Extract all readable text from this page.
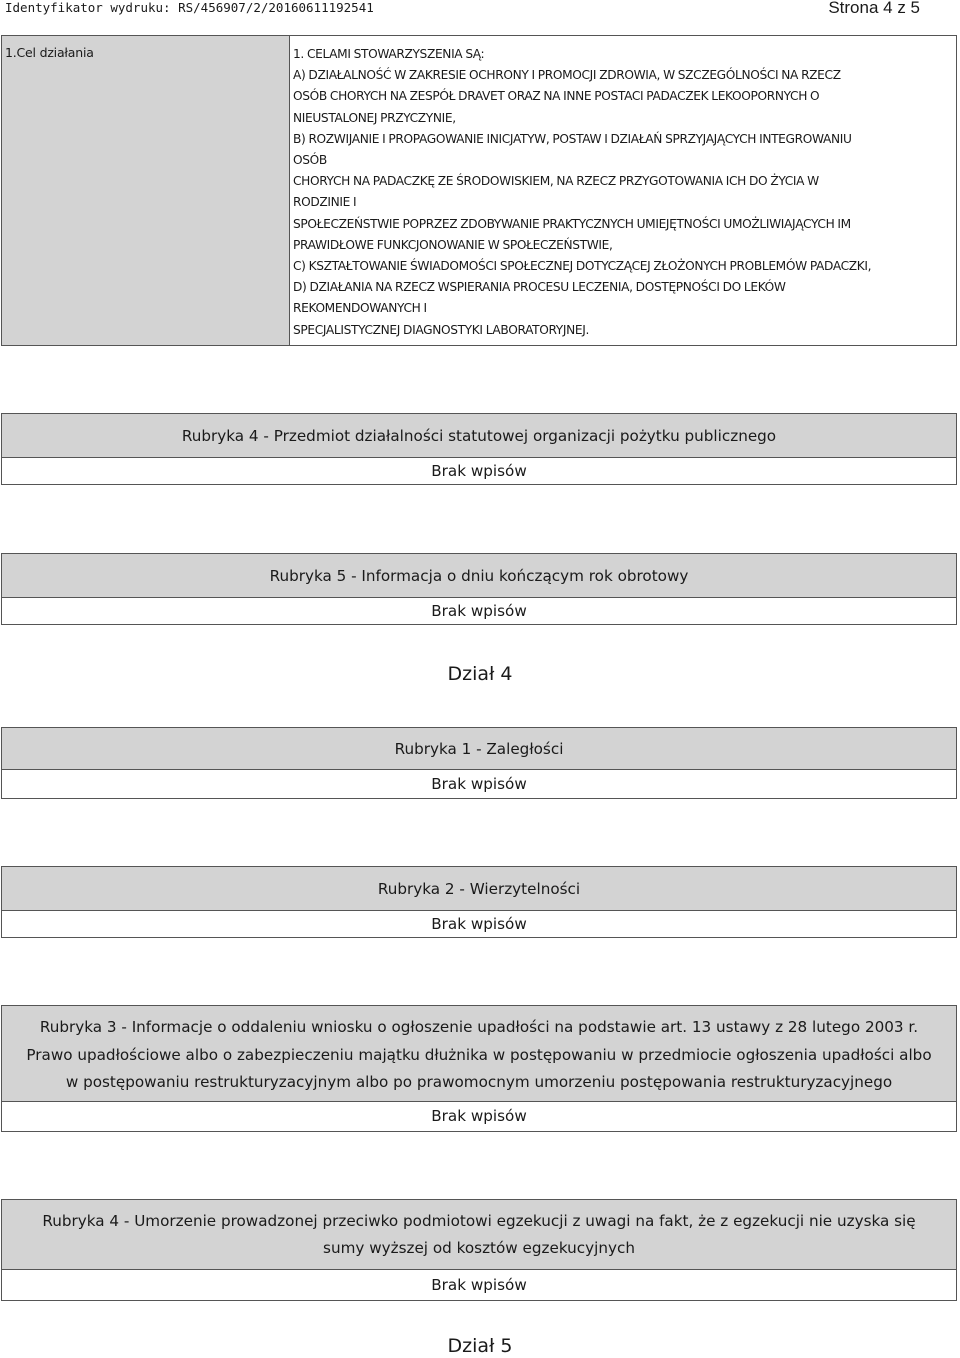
Identyfikator wydruku: RS/456907/2/20160611192541	Strona 4 z 5
1.Cel działania	1. CELAMI STOWARZYSZENIA SĄ:
A) DZIAŁALNOŚĆ W ZAKRESIE OCHRONY I PROMOCJI ZDROWIA, W SZCZEGÓLNOŚCI NA RZECZ
OSÓB CHORYCH NA ZESPÓŁ DRAVET ORAZ NA INNE POSTACI PADACZEK LEKOOPORNYCH O
NIEUSTALONEJ PRZYCZYNIE,
B) ROZWIJANIE I PROPAGOWANIE INICJATYW, POSTAW I DZIAŁAŃ SPRZYJAJĄCYCH INTEGROWANIU
OSÓB
CHORYCH NA PADACZKĘ ZE ŚRODOWISKIEM, NA RZECZ PRZYGOTOWANIA ICH DO ŻYCIA W
RODZINIE I
SPOŁECZEŃSTWIE POPRZEZ ZDOBYWANIE PRAKTYCZNYCH UMIEJĘTNOŚCI UMOŻLIWIAJĄCYCH IM
PRAWIDŁOWE FUNKCJONOWANIE W SPOŁECZEŃSTWIE,
C) KSZTAŁTOWANIE ŚWIADOMOŚCI SPOŁECZNEJ DOTYCZĄCEJ ZŁOŻONYCH PROBLEMÓW PADACZKI,
D) DZIAŁANIA NA RZECZ WSPIERANIA PROCESU LECZENIA, DOSTĘPNOŚCI DO LEKÓW
REKOMENDOWANYCH I
SPECJALISTYCZNEJ DIAGNOSTYKI LABORATORYJNEJ.
Rubryka 4 - Przedmiot działalności statutowej organizacji pożytku publicznego
Brak wpisów
Rubryka 5 - Informacja o dniu kończącym rok obrotowy
Brak wpisów
Dział 4
Rubryka 1 - Zaległości
Brak wpisów
Rubryka 2 - Wierzytelności
Brak wpisów
Rubryka 3 - Informacje o oddaleniu wniosku o ogłoszenie upadłości na podstawie art. 13 ustawy z 28 lutego 2003 r.
Prawo upadłościowe albo o zabezpieczeniu majątku dłużnika w postępowaniu w przedmiocie ogłoszenia upadłości albo
w postępowaniu restrukturyzacyjnym albo po prawomocnym umorzeniu postępowania restrukturyzacyjnego
Brak wpisów
Rubryka 4 - Umorzenie prowadzonej przeciwko podmiotowi egzekucji z uwagi na fakt, że z egzekucji nie uzyska się
sumy wyższej od kosztów egzekucyjnych
Brak wpisów
Dział 5
